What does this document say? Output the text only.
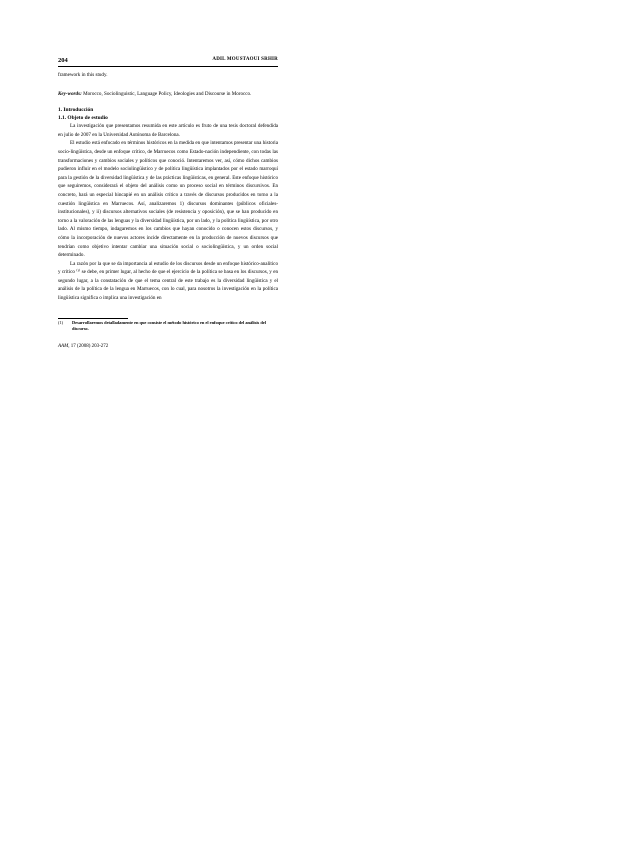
204	ADIL MOUSTAOUI SRHIR

framework in this study.

Key-words: Morocco, Sociolinguistic, Language Policy, Ideologies and Discourse in Morocco.

1. Introducción
1.1. Objeto de estudio

La investigación que presentamos resumida en este artículo es fruto de una tesis doctoral defendida en julio de 2007 en la Universidad Autónoma de Barcelona.

El estudio está enfocado en términos históricos en la medida en que intentamos presentar una historia socio-lingüística, desde un enfoque crítico, de Marruecos como Estado-nación independiente, con todas las transformaciones y cambios sociales y políticos que conoció. Intentaremos ver, así, cómo dichos cambios pudieron influir en el modelo sociolingüístico y de política lingüística implantados por el estado marroquí para la gestión de la diversidad lingüística y de las prácticas lingüísticas, en general. Este enfoque histórico que seguiremos, considerará el objeto del análisis como un proceso social en términos discursivos. En concreto, hará un especial hincapié en un análisis crítico a través de discursos producidos en torno a la cuestión lingüística en Marruecos. Así, analizaremos 1) discursos dominantes (públicos oficiales-institucionales), y ii) discursos alternativos sociales (de resistencia y oposición), que se han producido en torno a la valoración de las lenguas y la diversidad lingüística, por un lado, y la política lingüística, por otro lado. Al mismo tiempo, indagaremos en los cambios que hayan conocido o conocen estos discursos, y cómo la incorporación de nuevos actores incide directamente en la producción de nuevos discursos que tendrían como objetivo intentar cambiar una situación social o sociolingüística, y un orden social determinado.

La razón por la que se da importancia al estudio de los discursos desde un enfoque histórico-analítico y crítico ⁽¹⁾ se debe, en primer lugar, al hecho de que el ejercicio de la política se basa en los discursos, y en segundo lugar, a la constatación de que el tema central de este trabajo es la diversidad lingüística y el análisis de la política de la lengua en Marruecos, con lo cual, para nosotros la investigación en la política lingüística significa o implica una investigación en

(1)	Desarrollaremos detalladamente en que consiste el método histórico en el enfoque crítico del análisis del discurso.
AAM, 17 (2008) 203-272
